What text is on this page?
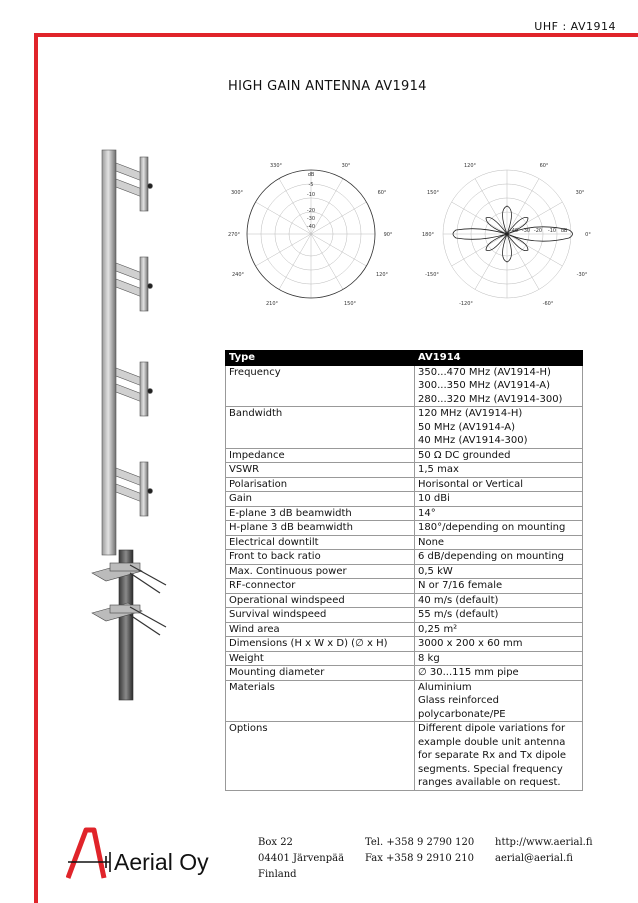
UHF : AV1914
HIGH GAIN ANTENNA AV1914
330°	30°
300°	60°
270°	90°
240°	120°
210°	150°
dB
-5
-10
-20
-30
-40
120°	60°
150°	30°
180°	0°
-150°	-30°
-120°	-60°
-40 -30 -20 -10 dB
Type	AV1914
Frequency	350...470 MHz (AV1914-H)
300...350 MHz (AV1914-A)
280...320 MHz (AV1914-300)

Bandwidth	120 MHz (AV1914-H)
50 MHz (AV1914-A)
40 MHz (AV1914-300)

Impedance	50 Ω DC grounded

VSWR	1,5 max

Polarisation	Horisontal or Vertical

Gain	10 dBi

E-plane 3 dB beamwidth	14°

H-plane 3 dB beamwidth	180°/depending on mounting

Electrical downtilt	None

Front to back ratio	6 dB/depending on mounting

Max. Continuous power	0,5 kW

RF-connector	N or 7/16 female

Operational windspeed	40 m/s (default)

Survival windspeed	55 m/s (default)

Wind area	0,25 m²

Dimensions (H x W x D) (∅ x H)	3000 x 200 x 60 mm

Weight	8 kg

Mounting diameter	∅ 30...115 mm pipe

Materials	Aluminium
Glass reinforced
polycarbonate/PE

Options	Different dipole variations for
example double unit antenna
for separate Rx and Tx dipole
segments. Special frequency
ranges available on request.
Aerial Oy
Box 22
04401 Järvenpää
Finland
Tel. +358 9 2790 120
Fax +358 9 2910 210
http://www.aerial.fi
aerial@aerial.fi
